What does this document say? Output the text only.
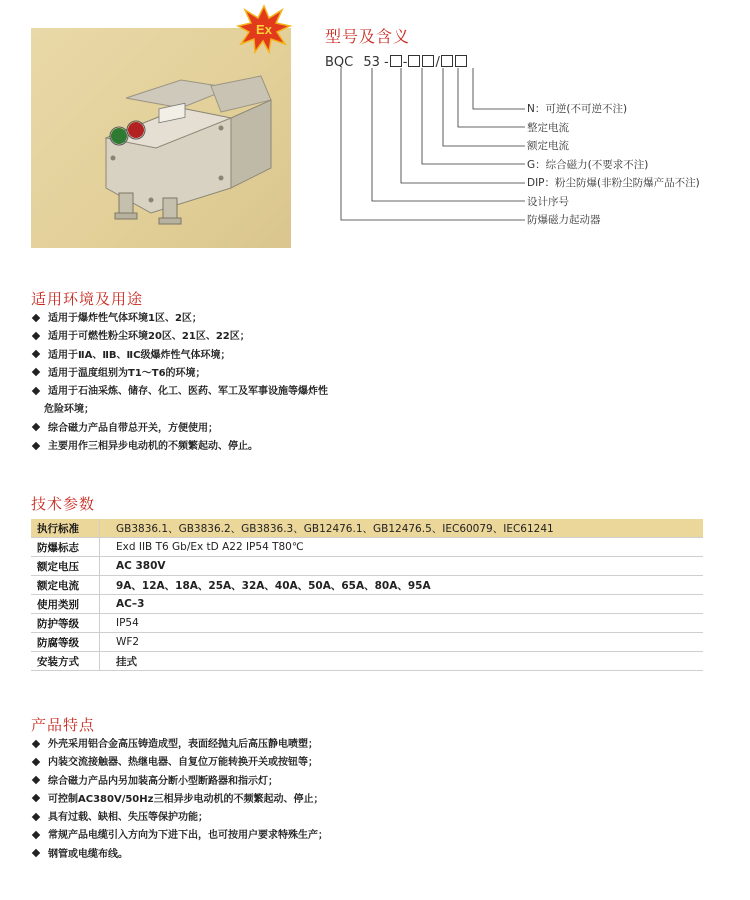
Ex	型号及含义
BQC 53 - - /
N：可逆(不可逆不注)
整定电流
额定电流
G：综合磁力(不要求不注)
DIP：粉尘防爆(非粉尘防爆产品不注)
设计序号
防爆磁力起动器
适用环境及用途
适用于爆炸性气体环境1区、2区；
适用于可燃性粉尘环境20区、21区、22区；
适用于ⅡA、ⅡB、ⅡC级爆炸性气体环境；
适用于温度组别为T1～T6的环境；
适用于石油采炼、储存、化工、医药、军工及军事设施等爆炸性
危险环境；
综合磁力产品自带总开关，方便使用；
主要用作三相异步电动机的不频繁起动、停止。
技术参数
执行标准	GB3836.1、GB3836.2、GB3836.3、GB12476.1、GB12476.5、IEC60079、IEC61241
防爆标志	Exd IIB T6 Gb/Ex tD A22 IP54 T80℃
额定电压	AC 380V
额定电流	9A、12A、18A、25A、32A、40A、50A、65A、80A、95A
使用类别	AC–3
防护等级	IP54
防腐等级	WF2
安装方式	挂式
产品特点
外壳采用铝合金高压铸造成型，表面经抛丸后高压静电喷塑；
内装交流接触器、热继电器、自复位万能转换开关或按钮等；
综合磁力产品内另加装高分断小型断路器和指示灯；
可控制AC380V/50Hz三相异步电动机的不频繁起动、停止；
具有过载、缺相、失压等保护功能；
常规产品电缆引入方向为下进下出，也可按用户要求特殊生产；
钢管或电缆布线。
